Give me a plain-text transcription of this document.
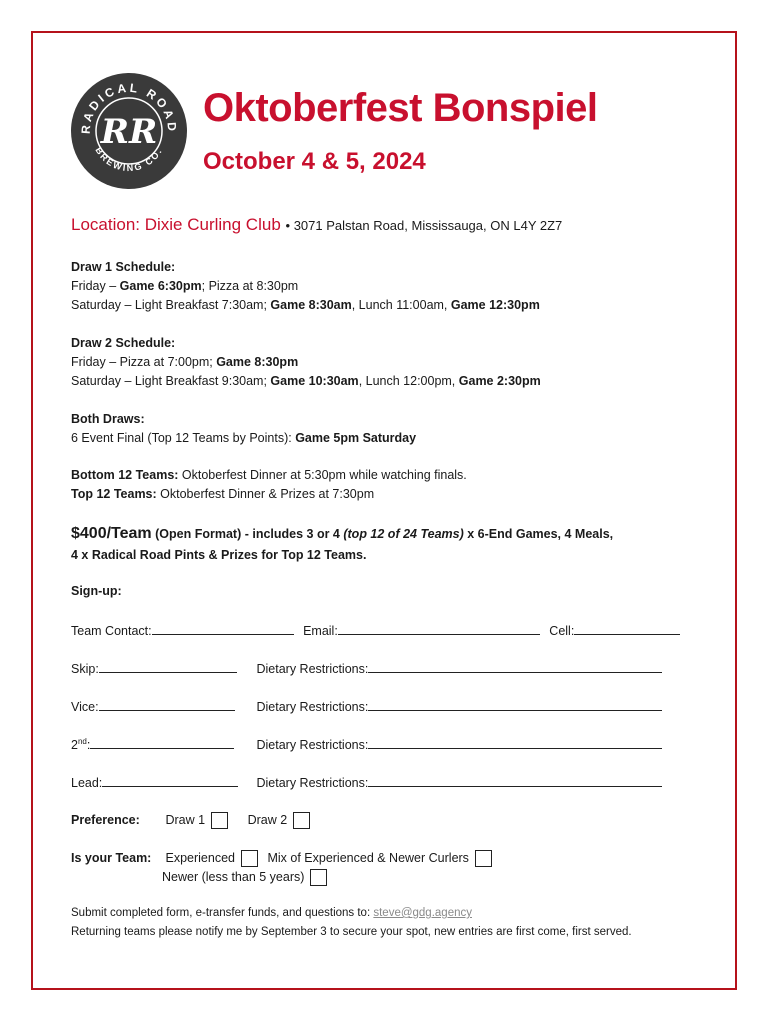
RADICAL ROAD
BREWING CO.
RR
Oktoberfest Bonspiel
October 4 & 5, 2024
Location: Dixie Curling Club • 3071 Palstan Road, Mississauga, ON L4Y 2Z7
Draw 1 Schedule:
Friday – Game 6:30pm; Pizza at 8:30pm
Saturday – Light Breakfast 7:30am; Game 8:30am, Lunch 11:00am, Game 12:30pm
Draw 2 Schedule:
Friday – Pizza at 7:00pm; Game 8:30pm
Saturday – Light Breakfast 9:30am; Game 10:30am, Lunch 12:00pm, Game 2:30pm
Both Draws:
6 Event Final (Top 12 Teams by Points): Game 5pm Saturday
Bottom 12 Teams: Oktoberfest Dinner at 5:30pm while watching finals.
Top 12 Teams: Oktoberfest Dinner & Prizes at 7:30pm
$400/Team (Open Format) - includes 3 or 4 (top 12 of 24 Teams) x 6-End Games, 4 Meals,
4 x Radical Road Pints & Prizes for Top 12 Teams.
Sign-up:
Team Contact:	Email:	Cell:
Skip:	Dietary Restrictions:
Vice:	Dietary Restrictions:
2nd:	Dietary Restrictions:
Lead:	Dietary Restrictions:
Preference: Draw 1	Draw 2
Is your Team: Experienced	Mix of Experienced & Newer Curlers
Newer (less than 5 years)
Submit completed form, e-transfer funds, and questions to: steve@gdg.agency
Returning teams please notify me by September 3 to secure your spot, new entries are first come, first served.
